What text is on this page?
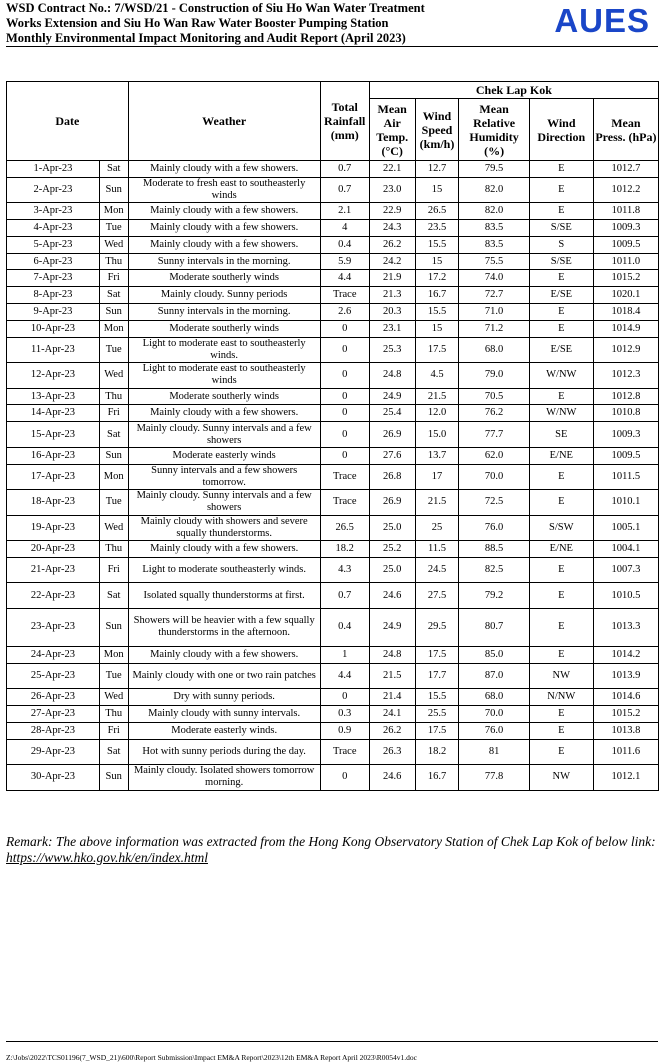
WSD Contract No.: 7/WSD/21 - Construction of Siu Ho Wan Water Treatment
Works Extension and Siu Ho Wan Raw Water Booster Pumping Station
Monthly Environmental Impact Monitoring and Audit Report (April 2023)	AUES
Date		Weather	Total Rainfall (mm)	Chek Lap Kok				
				Mean Air Temp. (°C)	Wind Speed (km/h)	Mean Relative Humidity (%)	Wind Direction	Mean Press. (hPa)
1-Apr-23	Sat	Mainly cloudy with a few showers.	0.7	22.1	12.7	79.5	E	1012.7
2-Apr-23	Sun	Moderate to fresh east to southeasterly winds	0.7	23.0	15	82.0	E	1012.2
3-Apr-23	Mon	Mainly cloudy with a few showers.	2.1	22.9	26.5	82.0	E	1011.8
4-Apr-23	Tue	Mainly cloudy with a few showers.	4	24.3	23.5	83.5	S/SE	1009.3
5-Apr-23	Wed	Mainly cloudy with a few showers.	0.4	26.2	15.5	83.5	S	1009.5
6-Apr-23	Thu	Sunny intervals in the morning.	5.9	24.2	15	75.5	S/SE	1011.0
7-Apr-23	Fri	Moderate southerly winds	4.4	21.9	17.2	74.0	E	1015.2
8-Apr-23	Sat	Mainly cloudy. Sunny periods	Trace	21.3	16.7	72.7	E/SE	1020.1
9-Apr-23	Sun	Sunny intervals in the morning.	2.6	20.3	15.5	71.0	E	1018.4
10-Apr-23	Mon	Moderate southerly winds	0	23.1	15	71.2	E	1014.9
11-Apr-23	Tue	Light to moderate east to southeasterly winds.	0	25.3	17.5	68.0	E/SE	1012.9
12-Apr-23	Wed	Light to moderate east to southeasterly winds	0	24.8	4.5	79.0	W/NW	1012.3
13-Apr-23	Thu	Moderate southerly winds	0	24.9	21.5	70.5	E	1012.8
14-Apr-23	Fri	Mainly cloudy with a few showers.	0	25.4	12.0	76.2	W/NW	1010.8
15-Apr-23	Sat	Mainly cloudy. Sunny intervals and a few showers	0	26.9	15.0	77.7	SE	1009.3
16-Apr-23	Sun	Moderate easterly winds	0	27.6	13.7	62.0	E/NE	1009.5
17-Apr-23	Mon	Sunny intervals and a few showers tomorrow.	Trace	26.8	17	70.0	E	1011.5
18-Apr-23	Tue	Mainly cloudy. Sunny intervals and a few showers	Trace	26.9	21.5	72.5	E	1010.1
19-Apr-23	Wed	Mainly cloudy with showers and severe squally thunderstorms.	26.5	25.0	25	76.0	S/SW	1005.1
20-Apr-23	Thu	Mainly cloudy with a few showers.	18.2	25.2	11.5	88.5	E/NE	1004.1
21-Apr-23	Fri	Light to moderate southeasterly winds.	4.3	25.0	24.5	82.5	E	1007.3
22-Apr-23	Sat	Isolated squally thunderstorms at first.	0.7	24.6	27.5	79.2	E	1010.5
23-Apr-23	Sun	Showers will be heavier with a few squally thunderstorms in the afternoon.	0.4	24.9	29.5	80.7	E	1013.3
24-Apr-23	Mon	Mainly cloudy with a few showers.	1	24.8	17.5	85.0	E	1014.2
25-Apr-23	Tue	Mainly cloudy with one or two rain patches	4.4	21.5	17.7	87.0	NW	1013.9
26-Apr-23	Wed	Dry with sunny periods.	0	21.4	15.5	68.0	N/NW	1014.6
27-Apr-23	Thu	Mainly cloudy with sunny intervals.	0.3	24.1	25.5	70.0	E	1015.2
28-Apr-23	Fri	Moderate easterly winds.	0.9	26.2	17.5	76.0	E	1013.8
29-Apr-23	Sat	Hot with sunny periods during the day.	Trace	26.3	18.2	81	E	1011.6
30-Apr-23	Sun	Mainly cloudy. Isolated showers tomorrow morning.	0	24.6	16.7	77.8	NW	1012.1
Remark: The above information was extracted from the Hong Kong Observatory Station of Chek Lap Kok of below link: https://www.hko.gov.hk/en/index.html
Z:\Jobs\2022\TCS01196(7_WSD_21)\600\Report Submission\Impact EM&A Report\2023\12th EM&A Report April 2023\R0054v1.doc
